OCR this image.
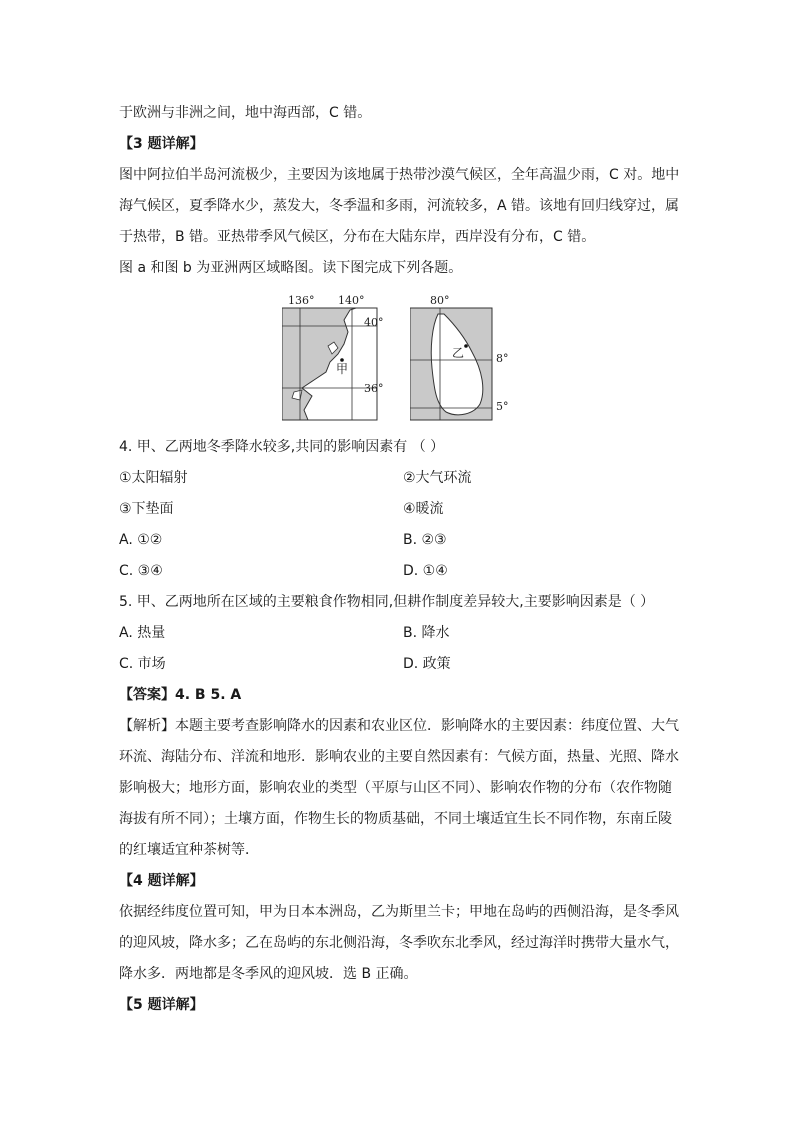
于欧洲与非洲之间，地中海西部，C 错。
【3 题详解】
图中阿拉伯半岛河流极少，主要因为该地属于热带沙漠气候区，全年高温少雨，C 对。地中
海气候区，夏季降水少，蒸发大，冬季温和多雨，河流较多，A 错。该地有回归线穿过，属
于热带，B 错。亚热带季风气候区，分布在大陆东岸，西岸没有分布，C 错。
图 a 和图 b 为亚洲两区域略图。读下图完成下列各题。
136° 140°
40°
36°
甲
80°
8°
5°
乙
4. 甲、乙两地冬季降水较多,共同的影响因素有 （ ）
①太阳辐射	②大气环流
③下垫面	④暖流
A. ①②	B. ②③
C. ③④	D. ①④
5. 甲、乙两地所在区域的主要粮食作物相同,但耕作制度差异较大,主要影响因素是（ ）
A. 热量	B. 降水
C. 市场	D. 政策
【答案】4. B 5. A
【解析】本题主要考查影响降水的因素和农业区位．影响降水的主要因素：纬度位置、大气
环流、海陆分布、洋流和地形．影响农业的主要自然因素有：气候方面，热量、光照、降水
影响极大；地形方面，影响农业的类型（平原与山区不同）、影响农作物的分布（农作物随
海拔有所不同）；土壤方面，作物生长的物质基础，不同土壤适宜生长不同作物，东南丘陵
的红壤适宜种茶树等．
【4 题详解】
依据经纬度位置可知，甲为日本本洲岛，乙为斯里兰卡；甲地在岛屿的西侧沿海，是冬季风
的迎风坡，降水多；乙在岛屿的东北侧沿海，冬季吹东北季风，经过海洋时携带大量水气，
降水多．两地都是冬季风的迎风坡．选 B 正确。
【5 题详解】
